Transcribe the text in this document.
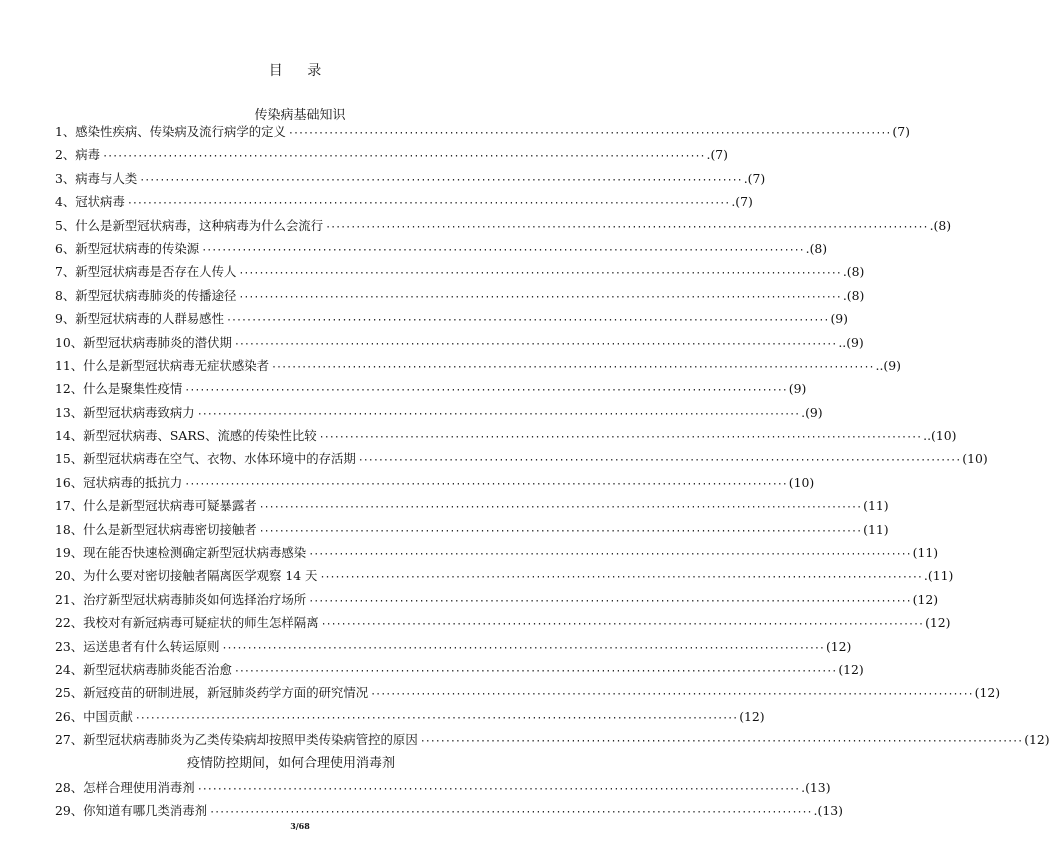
目 录
传染病基础知识
1、感染性疾病、传染病及流行病学的定义 ························································································································ (7)
2、病毒 ························································································································ .(7)
3、病毒与人类 ························································································································ .(7)
4、冠状病毒 ························································································································ .(7)
5、什么是新型冠状病毒，这种病毒为什么会流行 ························································································································ .(8)
6、新型冠状病毒的传染源 ························································································································ .(8)
7、新型冠状病毒是否存在人传人 ························································································································ .(8)
8、新型冠状病毒肺炎的传播途径 ························································································································ .(8)
9、新型冠状病毒的人群易感性 ························································································································ (9)
10、新型冠状病毒肺炎的潜伏期 ························································································································ ..(9)
11、什么是新型冠状病毒无症状感染者 ························································································································ ..(9)
12、什么是聚集性疫情 ························································································································ (9)
13、新型冠状病毒致病力 ························································································································ .(9)
14、新型冠状病毒、SARS、流感的传染性比较 ························································································································ ..(10)
15、新型冠状病毒在空气、衣物、水体环境中的存活期 ························································································································ (10)
16、冠状病毒的抵抗力 ························································································································ (10)
17、什么是新型冠状病毒可疑暴露者 ························································································································ (11)
18、什么是新型冠状病毒密切接触者 ························································································································ (11)
19、现在能否快速检测确定新型冠状病毒感染 ························································································································ (11)
20、为什么要对密切接触者隔离医学观察 14 天 ························································································································ .(11)
21、治疗新型冠状病毒肺炎如何选择治疗场所 ························································································································ (12)
22、我校对有新冠病毒可疑症状的师生怎样隔离 ························································································································ (12)
23、运送患者有什么转运原则 ························································································································ (12)
24、新型冠状病毒肺炎能否治愈 ························································································································ (12)
25、新冠疫苗的研制进展，新冠肺炎药学方面的研究情况 ························································································································ (12)
26、中国贡献 ························································································································ (12)
27、新型冠状病毒肺炎为乙类传染病却按照甲类传染病管控的原因 ························································································································ (12)
疫情防控期间，如何合理使用消毒剂
28、怎样合理使用消毒剂 ························································································································ .(13)
29、你知道有哪几类消毒剂 ························································································································ .(13)
3/68
